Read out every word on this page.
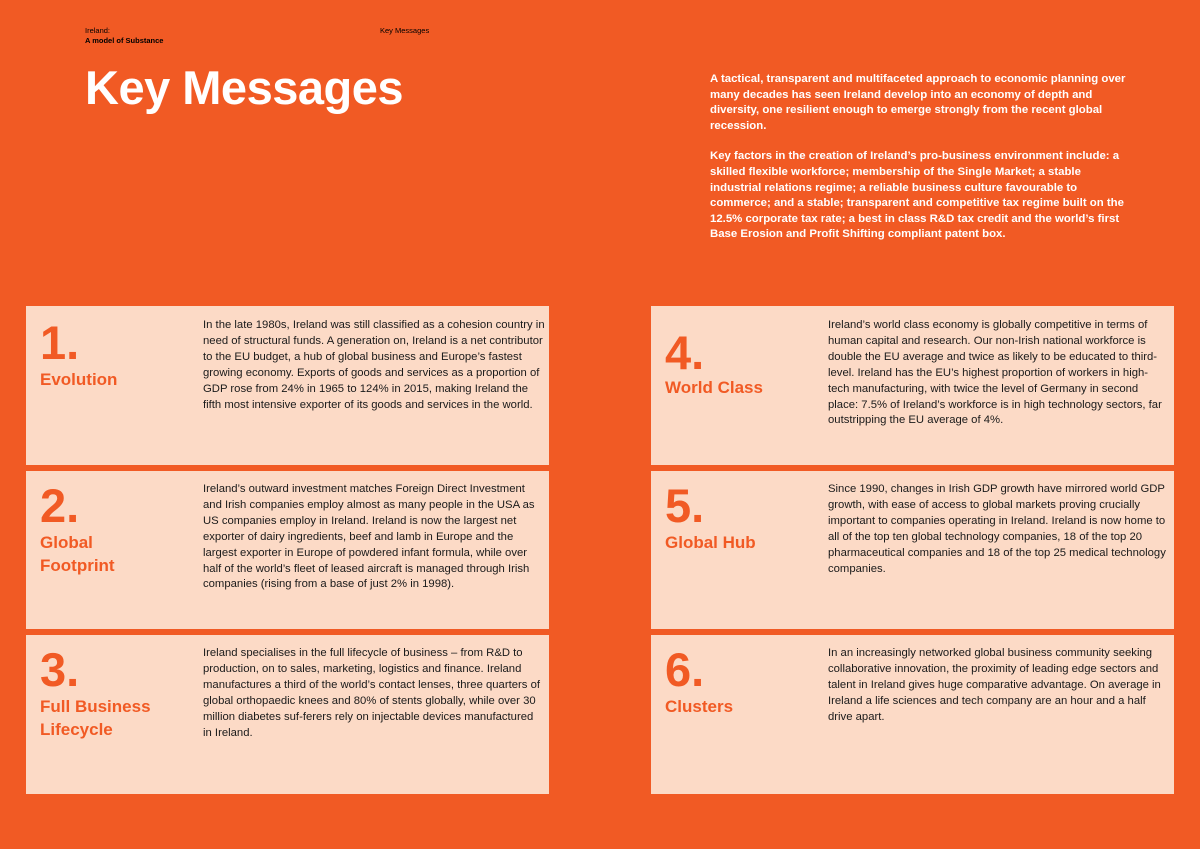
Ireland:
A model of Substance
Key Messages
Key Messages	A tactical, transparent and multifaceted approach to economic planning over many decades has seen Ireland develop into an economy of depth and diversity, one resilient enough to emerge strongly from the recent global recession.

Key factors in the creation of Ireland’s pro-business environment include: a skilled flexible workforce; membership of the Single Market; a stable industrial relations regime; a reliable business culture favourable to commerce; and a stable; transparent and competitive tax regime built on the 12.5% corporate tax rate; a best in class R&D tax credit and the world’s first Base Erosion and Profit Shifting compliant patent box.

1.
Evolution

In the late 1980s, Ireland was still classified as a cohesion country in need of structural funds. A generation on, Ireland is a net contributor to the EU budget, a hub of global business and Europe’s fastest growing economy. Exports of goods and services as a proportion of GDP rose from 24% in 1965 to 124% in 2015, making Ireland the fifth most intensive exporter of its goods and services in the world.

2.
Global Footprint

Ireland’s outward investment matches Foreign Direct Investment and Irish companies employ almost as many people in the USA as US companies employ in Ireland. Ireland is now the largest net exporter of dairy ingredients, beef and lamb in Europe and the largest exporter in Europe of powdered infant formula, while over half of the world’s fleet of leased aircraft is managed through Irish companies (rising from a base of just 2% in 1998).

3.
Full Business Lifecycle

Ireland specialises in the full lifecycle of business – from R&D to production, on to sales, marketing, logistics and finance. Ireland manufactures a third of the world’s contact lenses, three quarters of global orthopaedic knees and 80% of stents globally, while over 30 million diabetes suf-ferers rely on injectable devices manufactured in Ireland.

4.
World Class

Ireland’s world class economy is globally competitive in terms of human capital and research. Our non-Irish national workforce is double the EU average and twice as likely to be educated to third-level. Ireland has the EU’s highest proportion of workers in high-tech manufacturing, with twice the level of Germany in second place: 7.5% of Ireland’s workforce is in high technology sectors, far outstripping the EU average of 4%.

5.
Global Hub

Since 1990, changes in Irish GDP growth have mirrored world GDP growth, with ease of access to global markets proving crucially important to companies operating in Ireland. Ireland is now home to all of the top ten global technology companies, 18 of the top 20 pharmaceutical companies and 18 of the top 25 medical technology companies.

6.
Clusters

In an increasingly networked global business community seeking collaborative innovation, the proximity of leading edge sectors and talent in Ireland gives huge comparative advantage. On average in Ireland a life sciences and tech company are an hour and a half drive apart.
